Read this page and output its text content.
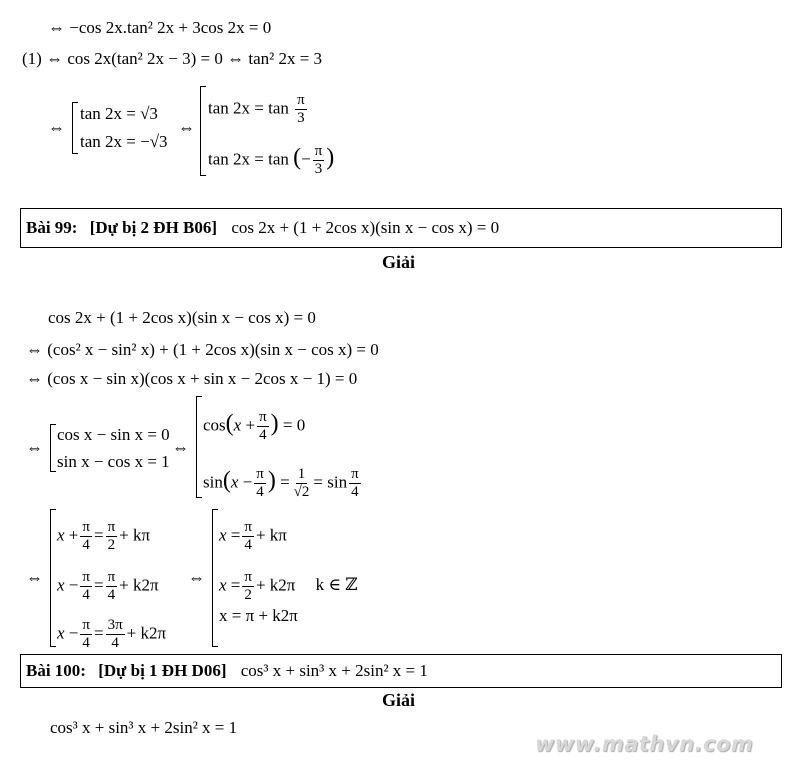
⇔ −cos 2x.tan² 2x + 3cos 2x = 0
(1) ⇔ cos 2x(tan² 2x − 3) = 0 ⇔ tan² 2x = 3
⇔
tan 2x = √3
tan 2x = −√3
⇔
$\tan 2x = \tan \frac{\pi}{3}$
tan 2x = tan (− $\frac{\pi}{3}$ )
Bài 99: [Dự bị 2 ĐH B06] cos 2x + (1 + 2cos x)(sin x − cos x) = 0
Giải
cos 2x + (1 + 2cos x)(sin x − cos x) = 0
⇔ (cos² x − sin² x) + (1 + 2cos x)(sin x − cos x) = 0
⇔ (cos x − sin x)(cos x + sin x − 2cos x − 1) = 0
⇔
cos x − sin x = 0
sin x − cos x = 1
⇔
$\cos(x + \frac{\pi}{4}$ ) = 0
$\sin(x - \frac{\pi}{4}$ ) = $\frac{1}{√2} = \sin \frac{\pi}{4}$
⇔
$x + \frac{\pi}{4} = \frac{\pi}{2} + k\pi$
$x - \frac{\pi}{4} = \frac{\pi}{4} + k2\pi$
$x - \frac{\pi}{4} = \frac{3\pi}{4} + k2\pi$
⇔
$x = \frac{\pi}{4} + k\pi$
$x = \frac{\pi}{2} + k2\pi$ k ∈ ℤ
x = π + k2π
Bài 100: [Dự bị 1 ĐH D06] cos³ x + sin³ x + 2sin² x = 1
Giải
cos³ x + sin³ x + 2sin² x = 1
www.mathvn.com
